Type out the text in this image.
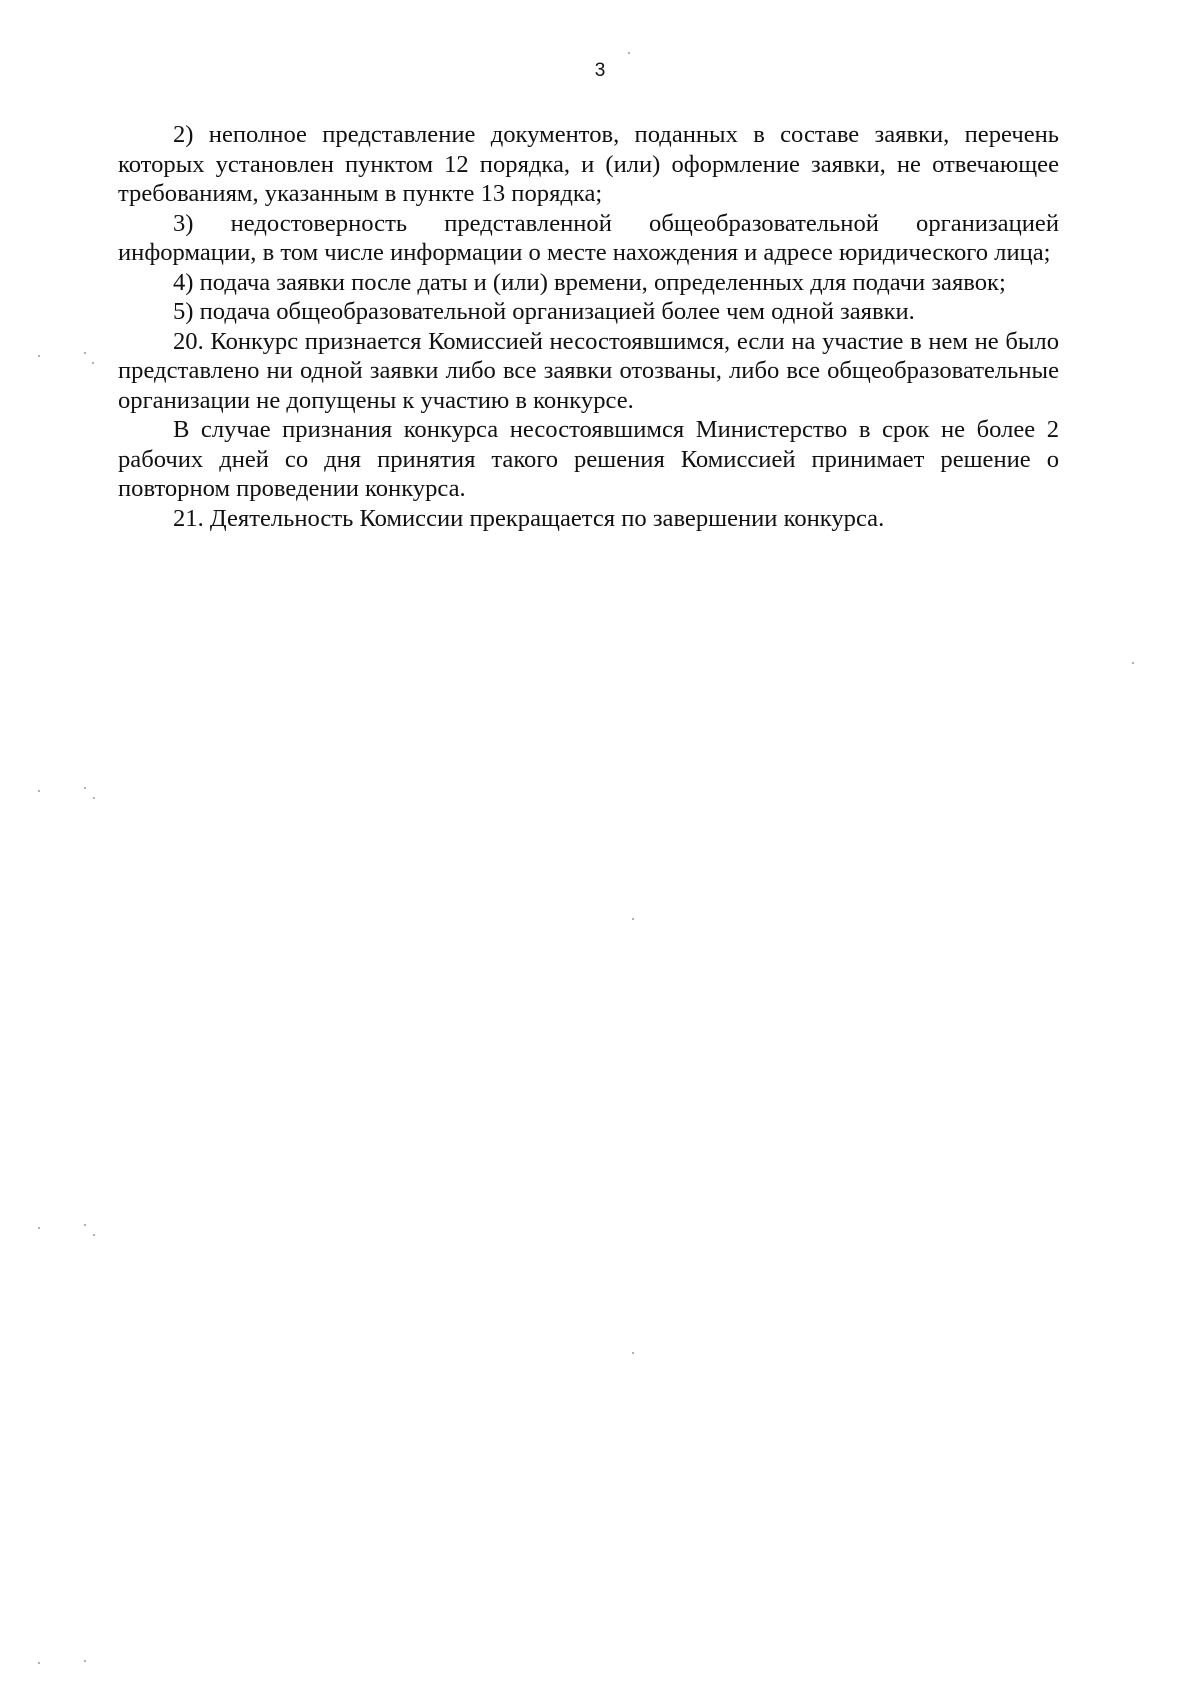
3

2) неполное представление документов, поданных в составе заявки, перечень которых установлен пунктом 12 порядка, и (или) оформление заявки, не отвечающее требованиям, указанным в пункте 13 порядка;

3) недостоверность представленной общеобразовательной организацией информации, в том числе информации о месте нахождения и адресе юридического лица;

4) подача заявки после даты и (или) времени, определенных для подачи заявок;

5) подача общеобразовательной организацией более чем одной заявки.

20. Конкурс признается Комиссией несостоявшимся, если на участие в нем не было представлено ни одной заявки либо все заявки отозваны, либо все общеобразовательные организации не допущены к участию в конкурсе.

В случае признания конкурса несостоявшимся Министерство в срок не более 2 рабочих дней со дня принятия такого решения Комиссией принимает решение о повторном проведении конкурса.

21. Деятельность Комиссии прекращается по завершении конкурса.
